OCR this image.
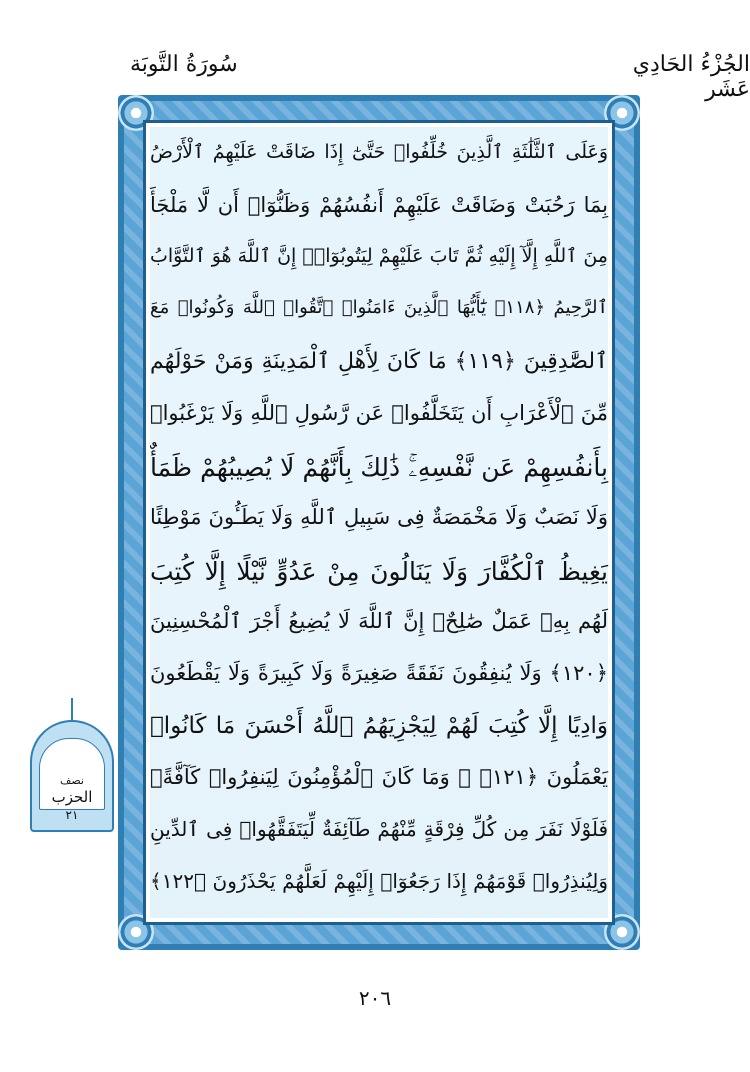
الجُزْءُ الحَادِي عَشَر
سُورَةُ التَّوبَة
وَعَلَى ٱلثَّلَٰثَةِ ٱلَّذِينَ خُلِّفُوا۟ حَتَّىٰٓ إِذَا ضَاقَتْ عَلَيْهِمُ ٱلْأَرْضُ
بِمَا رَحُبَتْ وَضَاقَتْ عَلَيْهِمْ أَنفُسُهُمْ وَظَنُّوٓا۟ أَن لَّا مَلْجَأَ
مِنَ ٱللَّهِ إِلَّآ إِلَيْهِ ثُمَّ تَابَ عَلَيْهِمْ لِيَتُوبُوٓا۟ۚ إِنَّ ٱللَّهَ هُوَ ٱلتَّوَّابُ
ٱلرَّحِيمُ ﴿١١٨﴾ يَٰٓأَيُّهَا ٱلَّذِينَ ءَامَنُوا۟ ٱتَّقُوا۟ ٱللَّهَ وَكُونُوا۟ مَعَ
ٱلصَّٰدِقِينَ ﴿١١٩﴾ مَا كَانَ لِأَهْلِ ٱلْمَدِينَةِ وَمَنْ حَوْلَهُم
مِّنَ ٱلْأَعْرَابِ أَن يَتَخَلَّفُوا۟ عَن رَّسُولِ ٱللَّهِ وَلَا يَرْغَبُوا۟
بِأَنفُسِهِمْ عَن نَّفْسِهِۦۚ ذَٰلِكَ بِأَنَّهُمْ لَا يُصِيبُهُمْ ظَمَأٌ
وَلَا نَصَبٌ وَلَا مَخْمَصَةٌ فِى سَبِيلِ ٱللَّهِ وَلَا يَطَـُٔونَ مَوْطِئًا
يَغِيظُ ٱلْكُفَّارَ وَلَا يَنَالُونَ مِنْ عَدُوٍّ نَّيْلًا إِلَّا كُتِبَ
لَهُم بِهِۦ عَمَلٌ صَٰلِحٌۚ إِنَّ ٱللَّهَ لَا يُضِيعُ أَجْرَ ٱلْمُحْسِنِينَ
﴿١٢٠﴾ وَلَا يُنفِقُونَ نَفَقَةً صَغِيرَةً وَلَا كَبِيرَةً وَلَا يَقْطَعُونَ
وَادِيًا إِلَّا كُتِبَ لَهُمْ لِيَجْزِيَهُمُ ٱللَّهُ أَحْسَنَ مَا كَانُوا۟
يَعْمَلُونَ ﴿١٢١﴾ ۞ وَمَا كَانَ ٱلْمُؤْمِنُونَ لِيَنفِرُوا۟ كَآفَّةًۚ
فَلَوْلَا نَفَرَ مِن كُلِّ فِرْقَةٍ مِّنْهُمْ طَآئِفَةٌ لِّيَتَفَقَّهُوا۟ فِى ٱلدِّينِ
وَلِيُنذِرُوا۟ قَوْمَهُمْ إِذَا رَجَعُوٓا۟ إِلَيْهِمْ لَعَلَّهُمْ يَحْذَرُونَ ﴿١٢٢﴾
نصف
الحزب
٢١
٢٠٦
